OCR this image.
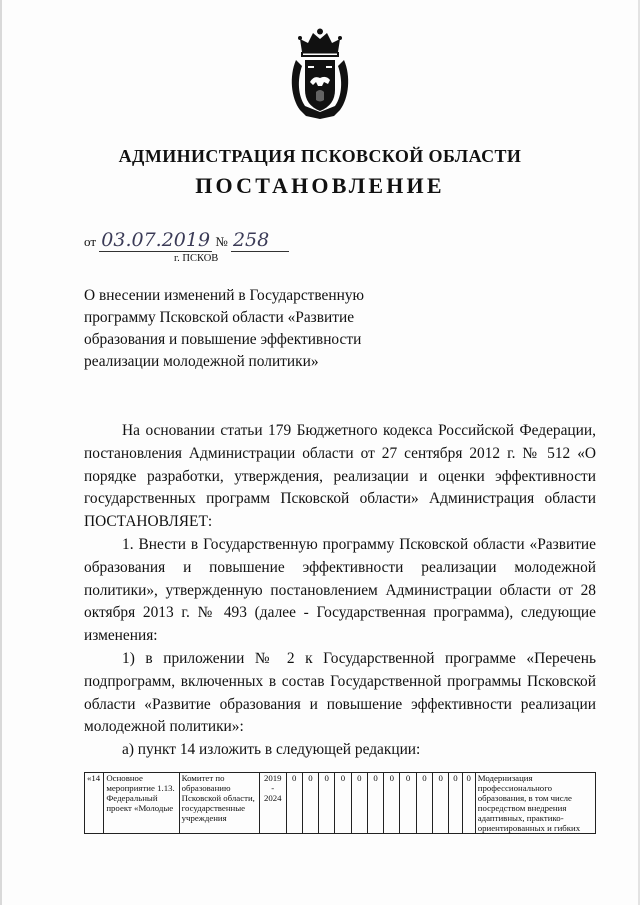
АДМИНИСТРАЦИЯ ПСКОВСКОЙ ОБЛАСТИ
ПОСТАНОВЛЕНИЕ
от 03.07.2019 № 258
г. ПСКОВ
О внесении изменений в Государственную программу Псковской области «Развитие образования и повышение эффективности реализации молодежной политики»

На основании статьи 179 Бюджетного кодекса Российской Федерации, постановления Администрации области от 27 сентября 2012 г. № 512 «О порядке разработки, утверждения, реализации и оценки эффективности государственных программ Псковской области» Администрация области ПОСТАНОВЛЯЕТ:

1. Внести в Государственную программу Псковской области «Развитие образования и повышение эффективности реализации молодежной политики», утвержденную постановлением Администрации области от 28 октября 2013 г. № 493 (далее - Государственная программа), следующие изменения:

1) в приложении № 2 к Государственной программе «Перечень подпрограмм, включенных в состав Государственной программы Псковской области «Развитие образования и повышение эффективности реализации молодежной политики»:

а) пункт 14 изложить в следующей редакции:

«14	Основное мероприятие 1.13. Федеральный проект «Молодые	Комитет по образованию Псковской области, государственные учреждения	2019 - 2024	0	0	0	0	0	0	0	0	0	0	0	0	Модернизация профессионального образования, в том числе посредством внедрения адаптивных, практико-ориентированных и гибких
